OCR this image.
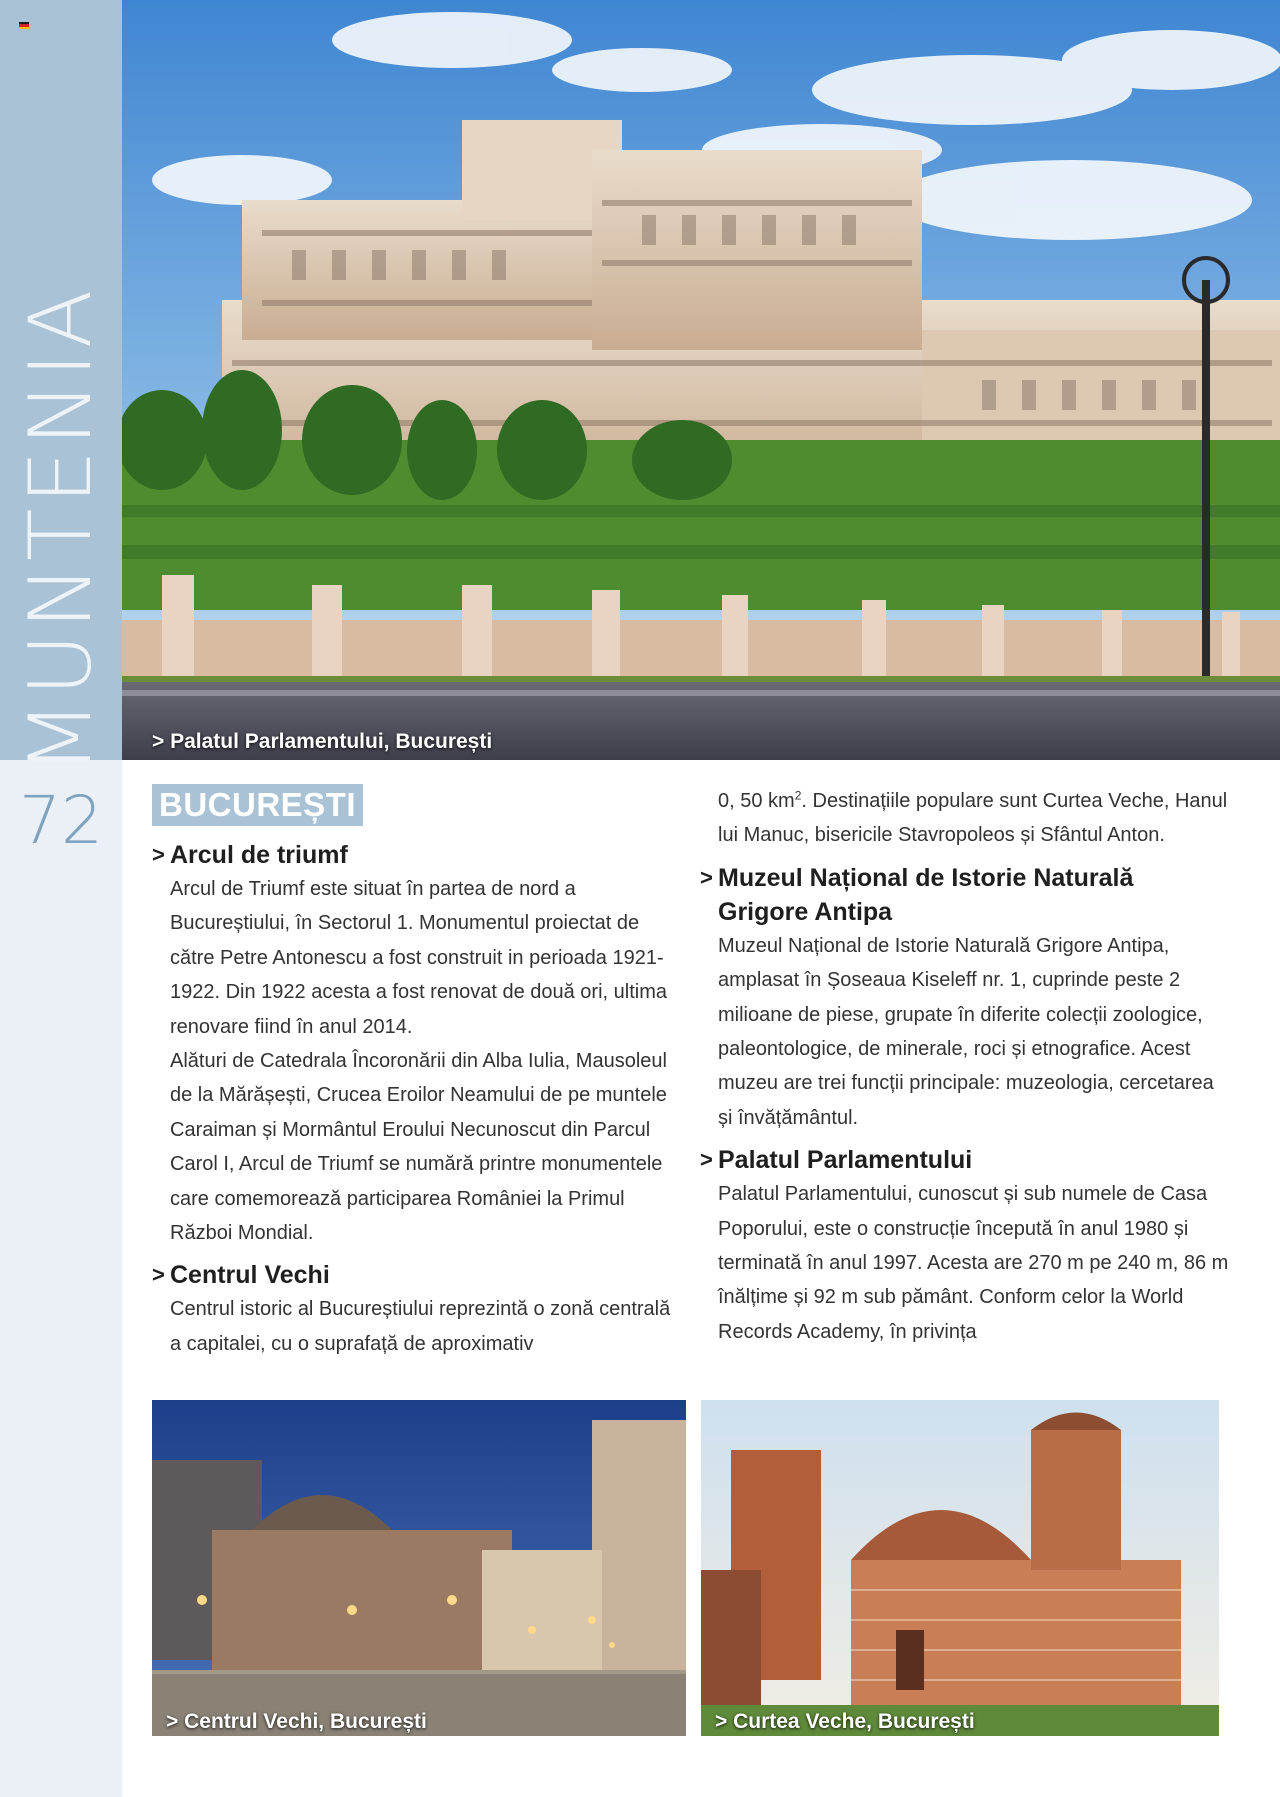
MUNTENIA
72
> Palatul Parlamentului, București
BUCUREȘTI
> Arcul de triumf

Arcul de Triumf este situat în partea de nord a Bucureștiului, în Sectorul 1. Monumentul proiectat de către Petre Antonescu a fost construit in perioada 1921-1922. Din 1922 acesta a fost renovat de două ori, ultima renovare fiind în anul 2014.

Alături de Catedrala Încoronării din Alba Iulia, Mausoleul de la Mărășești, Crucea Eroilor Neamului de pe muntele Caraiman și Mormântul Eroului Necunoscut din Parcul Carol I, Arcul de Triumf se numără printre monumentele care comemorează participarea României la Primul Război Mondial.

> Centrul Vechi

Centrul istoric al Bucureștiului reprezintă o zonă centrală a capitalei, cu o suprafață de aproximativ

0, 50 $km^2$. Destinațiile populare sunt Curtea Veche, Hanul lui Manuc, bisericile Stavropoleos și Sfântul Anton.

> Muzeul Național de Istorie Naturală Grigore Antipa

Muzeul Național de Istorie Naturală Grigore Antipa, amplasat în Șoseaua Kiseleff nr. 1, cuprinde peste 2 milioane de piese, grupate în diferite colecții zoologice, paleontologice, de minerale, roci și etnografice. Acest muzeu are trei funcții principale: muzeologia, cercetarea și învățământul.

> Palatul Parlamentului

Palatul Parlamentului, cunoscut și sub numele de Casa Poporului, este o construcție începută în anul 1980 și terminată în anul 1997. Acesta are 270 m pe 240 m, 86 m înălțime și 92 m sub pământ. Conform celor la World Records Academy, în privința

> Centrul Vechi, București	> Curtea Veche, București
